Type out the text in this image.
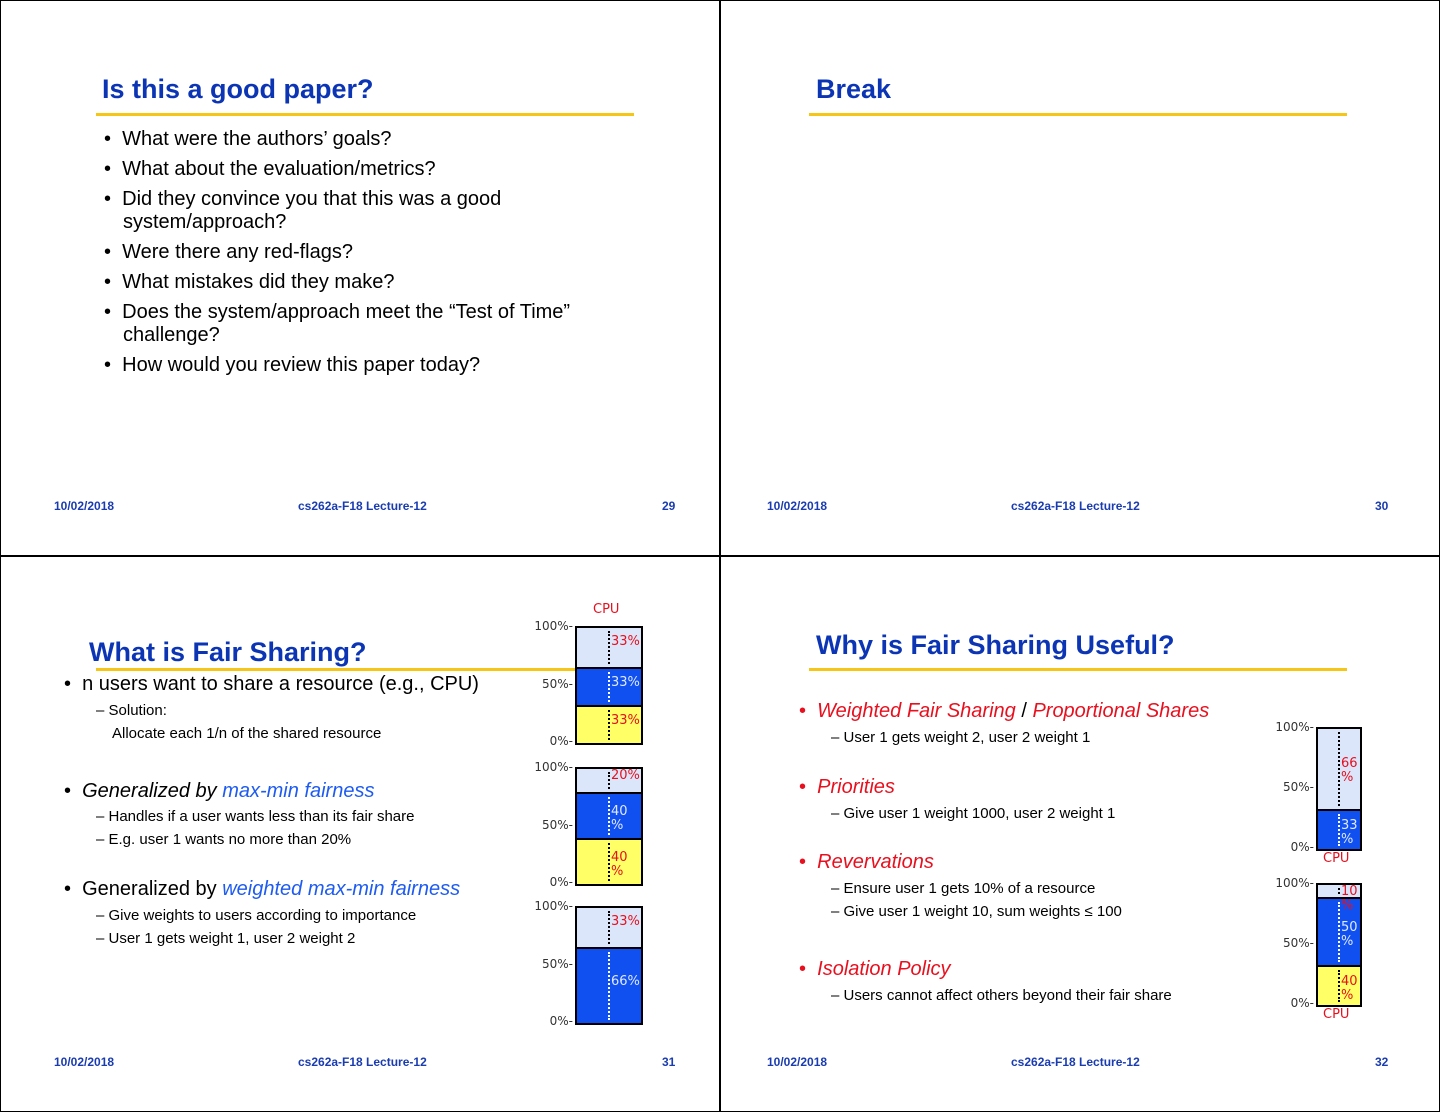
Is this a good paper?
•  What were the authors’ goals?
•  What about the evaluation/metrics?
•  Did they convince you that this was a good system/approach?
•  Were there any red-flags?
•  What mistakes did they make?
•  Does the system/approach meet the “Test of Time” challenge?
•  How would you review this paper today?
10/02/2018	cs262a-F18 Lecture-12	29
Break
10/02/2018	cs262a-F18 Lecture-12	30
What is Fair Sharing?
•  n users want to share a resource (e.g., CPU)
– Solution:
Allocate each 1/n of the shared resource
•  Generalized by max-min fairness
– Handles if a user wants less than its fair share
– E.g. user 1 wants no more than 20%
•  Generalized by weighted max-min fairness
– Give weights to users according to importance
– User 1 gets weight 1, user 2 weight 2
10/02/2018	cs262a-F18 Lecture-12	31
Why is Fair Sharing Useful?
• Weighted Fair Sharing / Proportional Shares
– User 1 gets weight 2, user 2 weight 1
• Priorities
– Give user 1 weight 1000, user 2 weight 1
• Revervations
– Ensure user 1 gets 10% of a resource
– Give user 1 weight 10, sum weights ≤ 100
• Isolation Policy
– Users cannot affect others beyond their fair share
10/02/2018	cs262a-F18 Lecture-12	32
33%
33%
33%
40 %
40 %
20%
66%
33%
33 %
66 %
40 %
50 %
10 %
0%-
50%-
100%-
CPU
0%-
50%-
100%-
0%-
50%-
100%-
0%-
50%-
100%-
CPU
0%-
50%-
100%-
CPU
